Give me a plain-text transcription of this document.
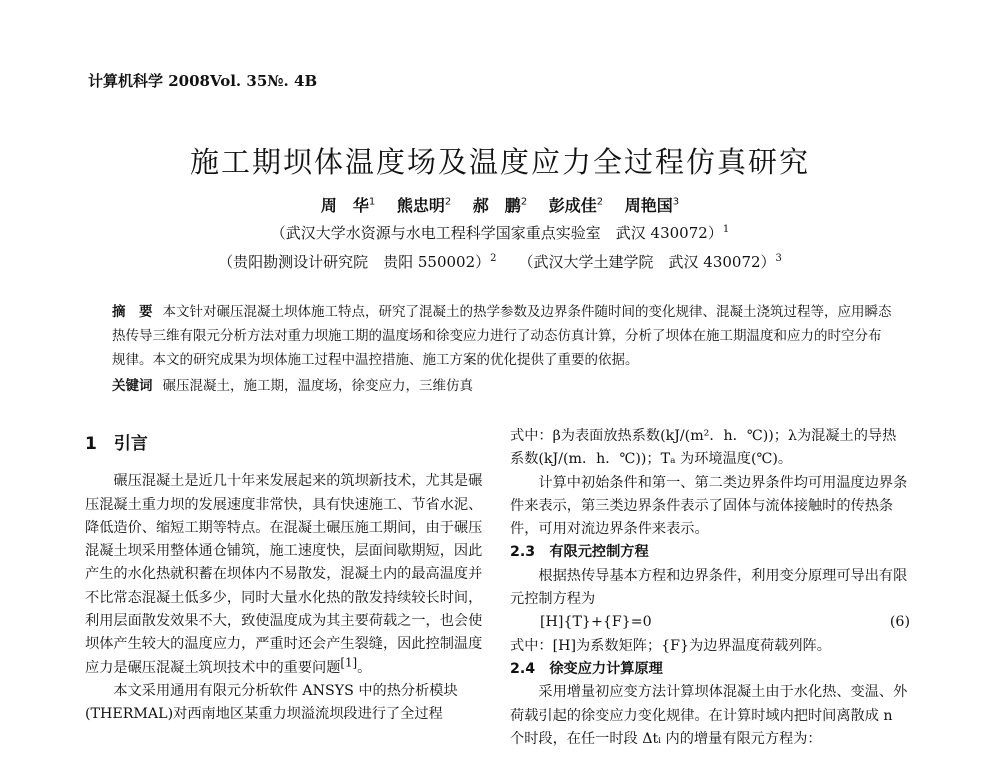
计算机科学 2008Vol. 35№. 4B
施工期坝体温度场及温度应力全过程仿真研究
周　华$^1$ 熊忠明$^2$ 郝　鹏$^2$ 彭成佳$^2$ 周艳国$^3$
（武汉大学水资源与水电工程科学国家重点实验室　武汉 430072）$^1$
（贵阳勘测设计研究院　贵阳 550002）$^2$ （武汉大学土建学院　武汉 430072）$^3$
摘　要 本文针对碾压混凝土坝体施工特点，研究了混凝土的热学参数及边界条件随时间的变化规律、混凝土浇筑过程等，应用瞬态热传导三维有限元分析方法对重力坝施工期的温度场和徐变应力进行了动态仿真计算，分析了坝体在施工期温度和应力的时空分布规律。本文的研究成果为坝体施工过程中温控措施、施工方案的优化提供了重要的依据。
关键词 碾压混凝土，施工期，温度场，徐变应力，三维仿真

1　引言

碾压混凝土是近几十年来发展起来的筑坝新技术，尤其是碾压混凝土重力坝的发展速度非常快，具有快速施工、节省水泥、降低造价、缩短工期等特点。在混凝土碾压施工期间，由于碾压混凝土坝采用整体通仓铺筑，施工速度快，层面间歇期短，因此产生的水化热就积蓄在坝体内不易散发，混凝土内的最高温度并不比常态混凝土低多少，同时大量水化热的散发持续较长时间，利用层面散发效果不大，致使温度成为其主要荷载之一，也会使坝体产生较大的温度应力，严重时还会产生裂缝，因此控制温度应力是碾压混凝土筑坝技术中的重要问题[1]。

本文采用通用有限元分析软件 ANSYS 中的热分析模块(THERMAL)对西南地区某重力坝溢流坝段进行了全过程

式中：β为表面放热系数(kJ/(m²．h．℃))；λ为混凝土的导热系数(kJ/(m．h．℃))；Tₐ 为环境温度(℃)。

计算中初始条件和第一、第二类边界条件均可用温度边界条件来表示，第三类边界条件表示了固体与流体接触时的传热条件，可用对流边界条件来表示。

2.3　有限元控制方程

根据热传导基本方程和边界条件，利用变分原理可导出有限元控制方程为

[H]{T}+{F}=0	(6)

式中：[H]为系数矩阵；{F}为边界温度荷载列阵。

2.4　徐变应力计算原理

采用增量初应变方法计算坝体混凝土由于水化热、变温、外荷载引起的徐变应力变化规律。在计算时域内把时间离散成 n 个时段，在任一时段 Δtᵢ 内的增量有限元方程为：
